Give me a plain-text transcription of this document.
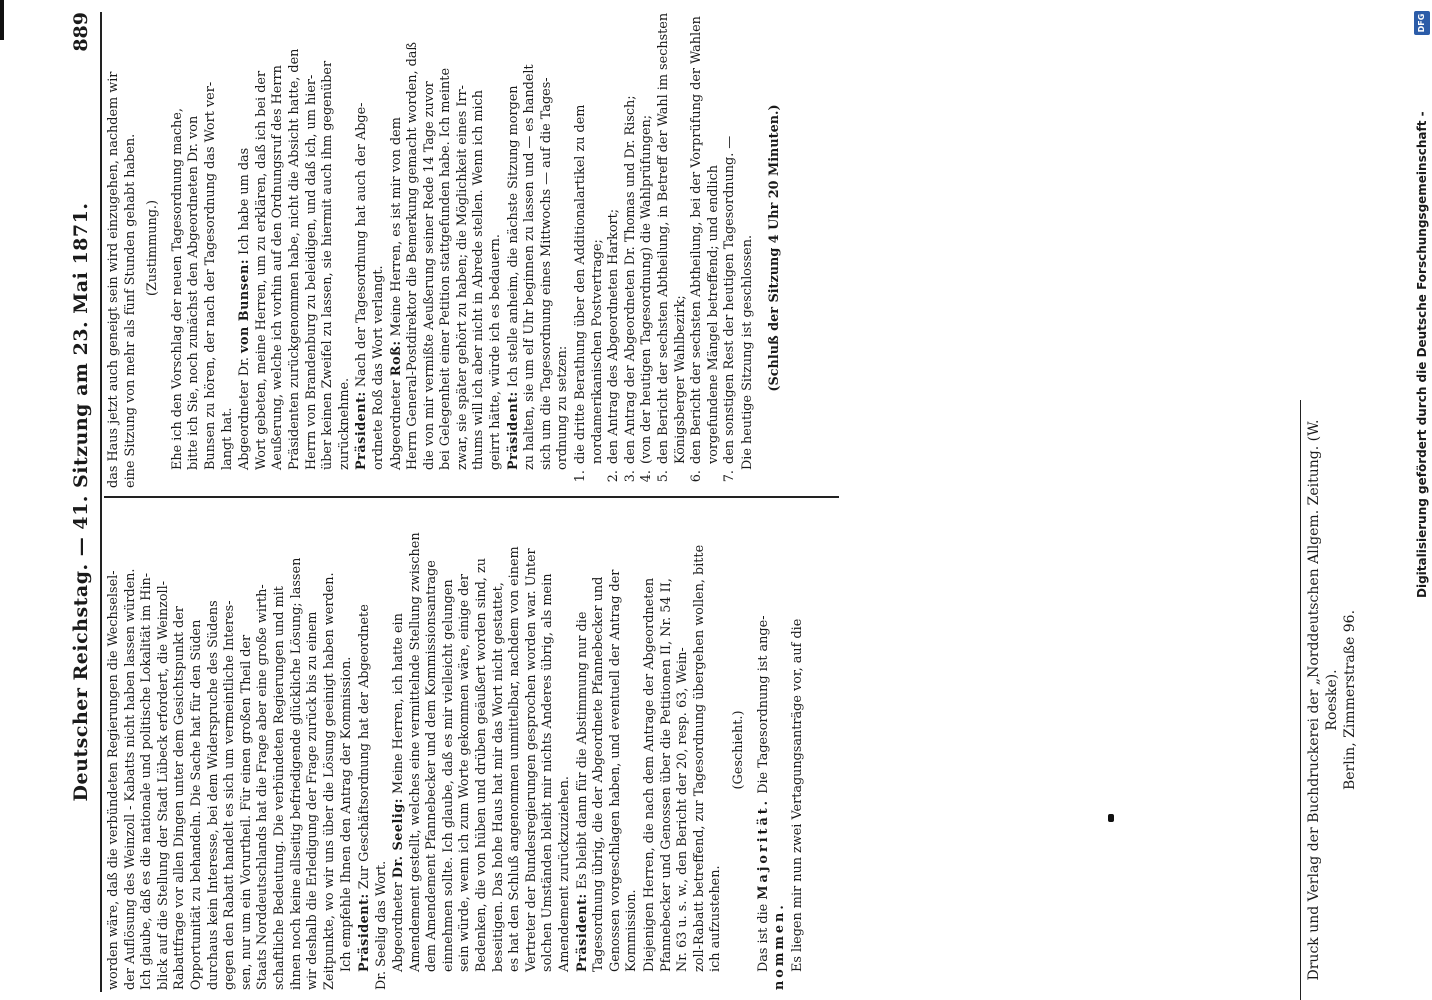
Deutscher Reichstag. — 41. Sitzung am 23. Mai 1871.
889

worden wäre, daß die verbündeten Regierungen die Wechselsel- der Auflösung des Weinzoll - Kabatts nicht haben lassen würden. Ich glaube, daß es die nationale und politische Lokalität im Hin- blick auf die Stellung der Stadt Lübeck erfordert, die Weinzoll- Rabattfrage vor allen Dingen unter dem Gesichtspunkt der Opportunität zu behandeln. Die Sache hat für den Süden durchaus kein Interesse, bei dem Widerspruche des Südens gegen den Rabatt handelt es sich um vermeintliche Interes- sen, nur um ein Vorurtheil. Für einen großen Theil der Staats Norddeutschlands hat die Frage aber eine große wirth- schaftliche Bedeutung. Die verbündeten Regierungen und mit ihnen noch keine allseitig befriedigende glückliche Lösung; lassen wir deshalb die Erledigung der Frage zurück bis zu einem Zeitpunkte, wo wir uns über die Lösung geeinigt haben werden. Ich empfehle Ihnen den Antrag der Kommission. Präsident: Zur Geschäftsordnung hat der Abgeordnete
Dr. Seelig das Wort. Abgeordneter Dr. Seelig: Meine Herren, ich hatte ein Amendement gestellt, welches eine vermittelnde Stellung zwischen dem Amendement Pfannebecker und dem Kommissionsantrage einnehmen sollte. Ich glaube, daß es mir vielleicht gelungen sein würde, wenn ich zum Worte gekommen wäre, einige der Bedenken, die von hüben und drüben geäußert worden sind, zu beseitigen. Das hohe Haus hat mir das Wort nicht gestattet, es hat den Schluß angenommen unmittelbar, nachdem von einem Vertreter der Bundesregierungen gesprochen worden war. Unter solchen Umständen bleibt mir nichts Anderes übrig, als mein Amendement zurückzuziehen. Präsident: Es bleibt dann für die Abstimmung nur die Tagesordnung übrig, die der Abgeordnete Pfannebecker und Genossen vorgeschlagen haben, und eventuell der Antrag der Kommission. Diejenigen Herren, die nach dem Antrage der Abgeordneten Pfannebecker und Genossen über die Petitionen II, Nr. 54 II, Nr. 63 u. s. w., den Bericht der 20, resp. 63, Wein- zoll-Rabatt betreffend, zur Tagesordnung übergehen wollen, bitte ich aufzustehen.

(Geschieht.)

Das ist die Majorität. Die Tagesordnung ist ange-
nommen. Es liegen mir nun zwei Vertagungsanträge vor, auf die

das Haus jetzt auch geneigt sein wird einzugehen, nachdem wir eine Sitzung von mehr als fünf Stunden gehabt haben. (Zustimmung.) Ehe ich den Vorschlag der neuen Tagesordnung mache, bitte ich Sie, noch zunächst den Abgeordneten Dr. von Bunsen zu hören, der nach der Tagesordnung das Wort ver- langt hat. Abgeordneter Dr. von Bunsen: Ich habe um das Wort gebeten, meine Herren, um zu erklären, daß ich bei der Aeußerung, welche ich vorhin auf den Ordnungsruf des Herrn Präsidenten zurückgenommen habe, nicht die Absicht hatte, den Herrn von Brandenburg zu beleidigen, und daß ich, um hier- über keinen Zweifel zu lassen, sie hiermit auch ihm gegenüber zurücknehme. Präsident: Nach der Tagesordnung hat auch der Abge- ordnete Roß das Wort verlangt. Abgeordneter Roß: Meine Herren, es ist mir von dem Herrn General-Postdirektor die Bemerkung gemacht worden, daß die von mir vermißte Aeußerung seiner Rede 14 Tage zuvor bei Gelegenheit einer Petition stattgefunden habe. Ich meinte zwar, sie später gehört zu haben; die Möglichkeit eines Irr- thums will ich aber nicht in Abrede stellen. Wenn ich mich geirrt hätte, würde ich es bedauern. Präsident: Ich stelle anheim, die nächste Sitzung morgen zu halten, sie um elf Uhr beginnen zu lassen und — es handelt sich um die Tagesordnung eines Mittwochs — auf die Tages- ordnung zu setzen:

1.
die dritte Berathung über den Additionalartikel zu dem nordamerikanischen Postvertrage;
2.
den Antrag des Abgeordneten Harkort;
3.
den Antrag der Abgeordneten Dr. Thomas und Dr. Risch;
4.
(von der heutigen Tagesordnung) die Wahlprüfungen;
5.
den Bericht der sechsten Abtheilung, in Betreff der Wahl im sechsten Königsberger Wahlbezirk;
6.
den Bericht der sechsten Abtheilung, bei der Vorprüfung der Wahlen vorgefundene Mängel betreffend; und endlich
7.
den sonstigen Rest der heutigen Tagesordnung. — Die heutige Sitzung ist geschlossen. (Schluß der Sitzung 4 Uhr 20 Minuten.)

Druck und Verlag der Buchdruckerei der „Norddeutschen Allgem. Zeitung. (W. Roeske). Berlin, Zimmerstraße 96.
Digitalisierung gefördert durch die Deutsche Forschungsgemeinschaft -
DFG
